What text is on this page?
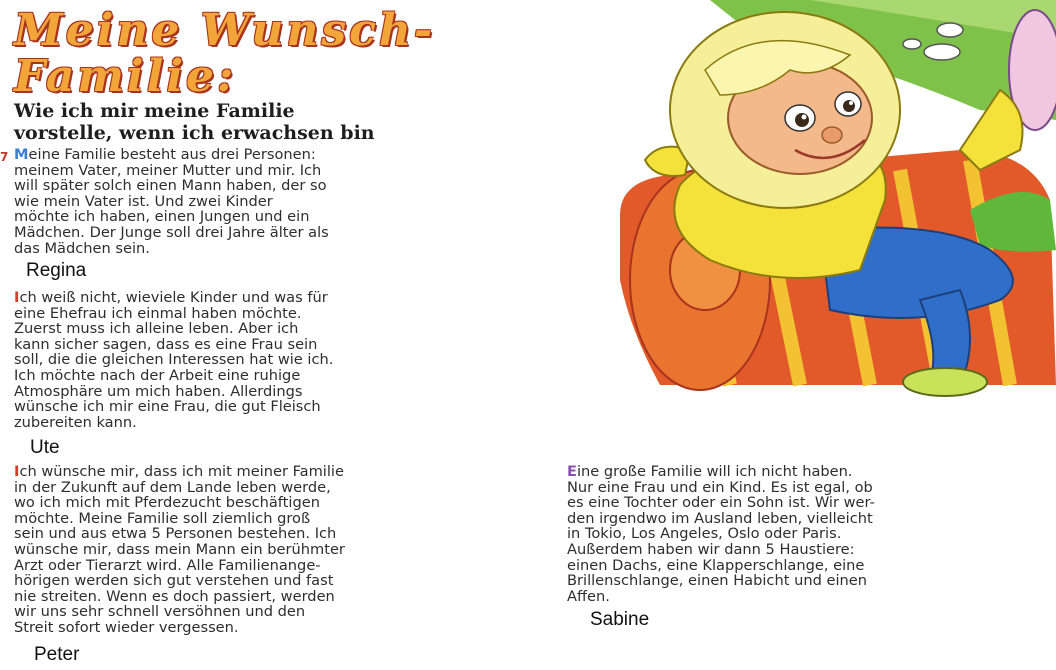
Meine Wunsch-
Familie:
Wie ich mir meine Familie
vorstelle, wenn ich erwachsen bin
7 Meine Familie besteht aus drei Personen:
meinem Vater, meiner Mutter und mir. Ich
will später solch einen Mann haben, der so
wie mein Vater ist. Und zwei Kinder
möchte ich haben, einen Jungen und ein
Mädchen. Der Junge soll drei Jahre älter als
das Mädchen sein.
Regina
Ich weiß nicht, wieviele Kinder und was für
eine Ehefrau ich einmal haben möchte.
Zuerst muss ich alleine leben. Aber ich
kann sicher sagen, dass es eine Frau sein
soll, die die gleichen Interessen hat wie ich.
Ich möchte nach der Arbeit eine ruhige
Atmosphäre um mich haben. Allerdings
wünsche ich mir eine Frau, die gut Fleisch
zubereiten kann.
Ute
Ich wünsche mir, dass ich mit meiner Familie
in der Zukunft auf dem Lande leben werde,
wo ich mich mit Pferdezucht beschäftigen
möchte. Meine Familie soll ziemlich groß
sein und aus etwa 5 Personen bestehen. Ich
wünsche mir, dass mein Mann ein berühmter
Arzt oder Tierarzt wird. Alle Familienange-
hörigen werden sich gut verstehen und fast
nie streiten. Wenn es doch passiert, werden
wir uns sehr schnell versöhnen und den
Streit sofort wieder vergessen.
Peter
Eine große Familie will ich nicht haben.
Nur eine Frau und ein Kind. Es ist egal, ob
es eine Tochter oder ein Sohn ist. Wir wer-
den irgendwo im Ausland leben, vielleicht
in Tokio, Los Angeles, Oslo oder Paris.
Außerdem haben wir dann 5 Haustiere:
einen Dachs, eine Klapperschlange, eine
Brillenschlange, einen Habicht und einen
Affen.
Sabine
